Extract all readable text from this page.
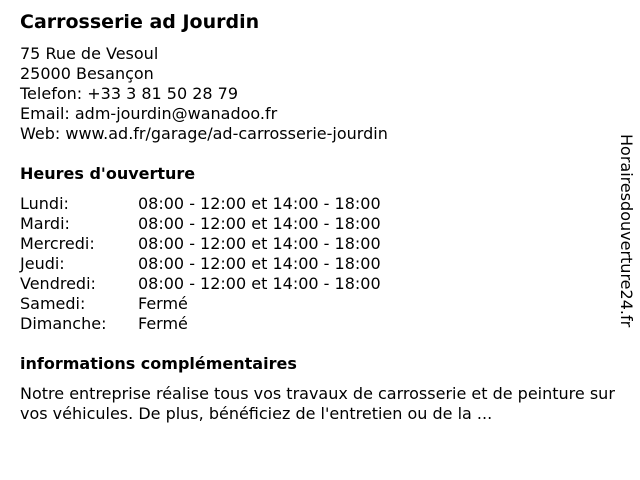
Carrosserie ad Jourdin
75 Rue de Vesoul
25000 Besançon
Telefon: +33 3 81 50 28 79
Email: adm-jourdin@wanadoo.fr
Web: www.ad.fr/garage/ad-carrosserie-jourdin
Heures d'ouverture
Lundi:	08:00 - 12:00 et 14:00 - 18:00
Mardi:	08:00 - 12:00 et 14:00 - 18:00
Mercredi:	08:00 - 12:00 et 14:00 - 18:00
Jeudi:	08:00 - 12:00 et 14:00 - 18:00
Vendredi:	08:00 - 12:00 et 14:00 - 18:00
Samedi:	Fermé
Dimanche:	Fermé
informations complémentaires
Notre entreprise réalise tous vos travaux de carrosserie et de peinture sur vos véhicules. De plus, bénéficiez de l'entretien ou de la ...
Horairesdouverture24.fr
